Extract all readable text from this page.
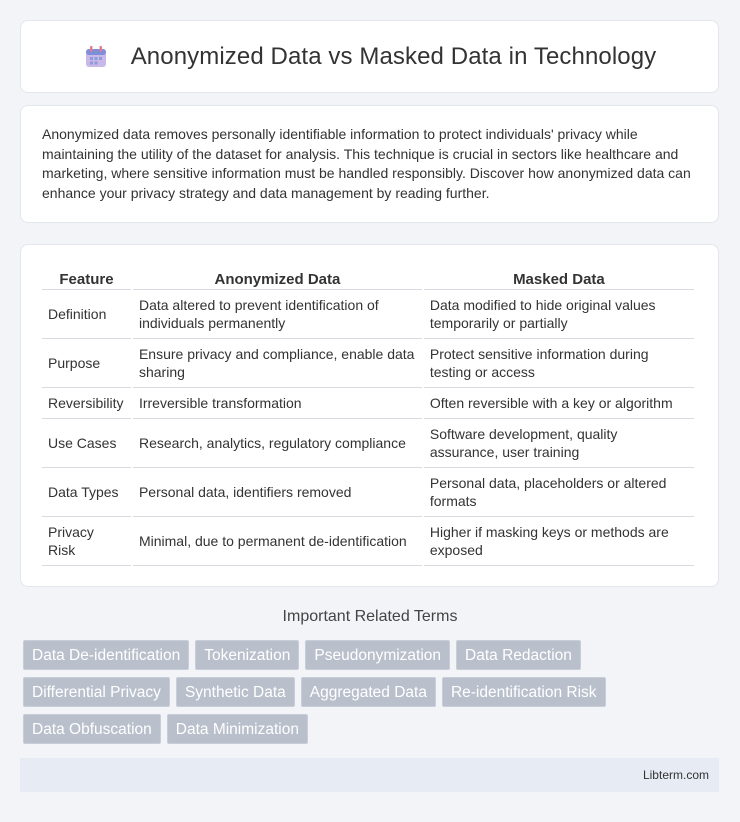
Anonymized Data vs Masked Data in Technology

Anonymized data removes personally identifiable information to protect individuals' privacy while maintaining the utility of the dataset for analysis. This technique is crucial in sectors like healthcare and marketing, where sensitive information must be handled responsibly. Discover how anonymized data can enhance your privacy strategy and data management by reading further.

Feature	Anonymized Data	Masked Data
Definition	Data altered to prevent identification of individuals permanently	Data modified to hide original values temporarily or partially
Purpose	Ensure privacy and compliance, enable data sharing	Protect sensitive information during testing or access
Reversibility	Irreversible transformation	Often reversible with a key or algorithm
Use Cases	Research, analytics, regulatory compliance	Software development, quality assurance, user training
Data Types	Personal data, identifiers removed	Personal data, placeholders or altered formats
Privacy Risk	Minimal, due to permanent de-identification	Higher if masking keys or methods are exposed
Important Related Terms
Data De-identification	Tokenization	Pseudonymization	Data Redaction
Differential Privacy	Synthetic Data	Aggregated Data	Re-identification Risk
Data Obfuscation	Data Minimization
Libterm.com
